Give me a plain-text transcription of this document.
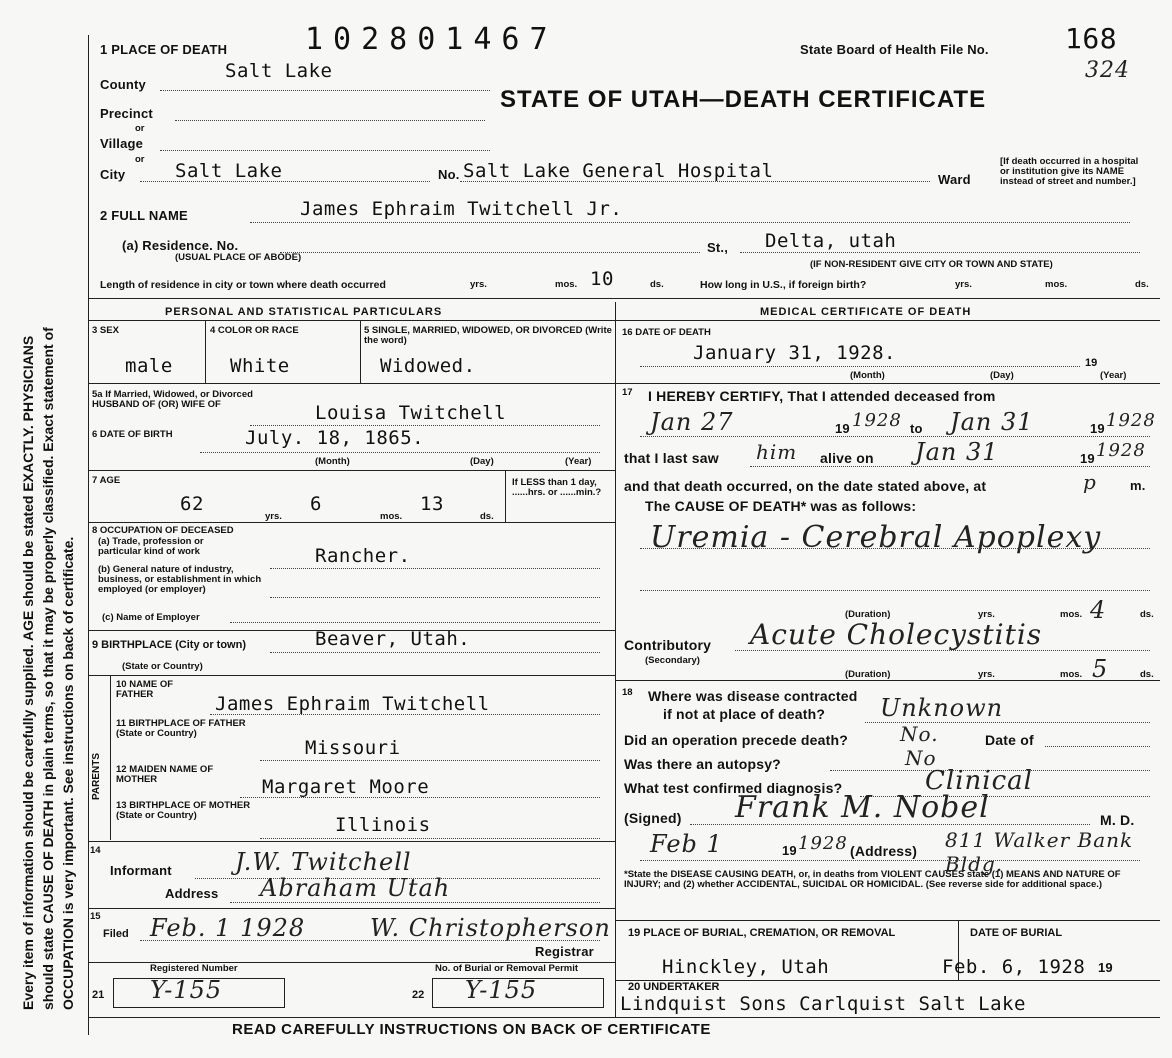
Every item of information should be carefully supplied. AGE should be stated EXACTLY. PHYSICIANS should state CAUSE OF DEATH in plain terms, so that it may be properly classified. Exact statement of OCCUPATION is very important. See instructions on back of certificate.
102801467
1 PLACE OF DEATH	State Board of Health File No.	168
324
STATE OF UTAH—DEATH CERTIFICATE
County
Salt Lake
Precinct
or
Village
or
City	Salt Lake	No. Salt Lake General Hospital	Ward
[If death occurred in a hospital or institution give its NAME instead of street and number.]
2 FULL NAME	James Ephraim Twitchell Jr.
(a) Residence. No.
(USUAL PLACE OF ABODE)
St., Delta, utah
(IF NON-RESIDENT GIVE CITY OR TOWN AND STATE)
Length of residence in city or town where death occurred	yrs.	mos. 10	ds.	How long in U.S., if foreign birth?	yrs.	mos.	ds.
PERSONAL AND STATISTICAL PARTICULARS
3 SEX
male
4 COLOR OR RACE
White
5 SINGLE, MARRIED, WIDOWED, OR DIVORCED (Write the word)
Widowed.
5a If Married, Widowed, or Divorced HUSBAND OF (OR) WIFE OF	Louisa Twitchell
6 DATE OF BIRTH	July. 18, 1865.
(Month)	(Day)	(Year)
7 AGE
62
yrs.
6
mos.
13
ds.
If LESS than 1 day, ......hrs. or ......min.?
8 OCCUPATION OF DECEASED
(a) Trade, profession or particular kind of work
(b) General nature of industry, business, or establishment in which employed (or employer)
Rancher.
(c) Name of Employer
9 BIRTHPLACE (City or town)	Beaver, Utah.
(State or Country)
PARENTS
10 NAME OF FATHER	James Ephraim Twitchell
11 BIRTHPLACE OF FATHER (State or Country)
Missouri
12 MAIDEN NAME OF MOTHER	Margaret Moore
13 BIRTHPLACE OF MOTHER (State or Country)	Illinois
14
Informant	J.W. Twitchell
Address Abraham Utah
15
Filed Feb. 1 1928	W. Christopherson
Registrar
Registered Number	No. of Burial or Removal Permit
21 Y-155	22 Y-155
MEDICAL CERTIFICATE OF DEATH
16 DATE OF DEATH
January 31, 1928.	19
(Month)	(Day)	(Year)
17 I HEREBY CERTIFY, That I attended deceased from
Jan 27	19 1928 to Jan 31	19 1928
that I last saw him alive on Jan 31	19 1928
and that death occurred, on the date stated above, at	p	m.
The CAUSE OF DEATH* was as follows:
Uremia - Cerebral Apoplexy
(Duration)	yrs.	mos. 4	ds.
Contributory
(Secondary)
Acute Cholecystitis
(Duration)	yrs.	mos. 5	ds.
18 Where was disease contracted
if not at place of death? Unknown
Did an operation precede death?	No.	Date of
Was there an autopsy?	No
What test confirmed diagnosis?	Clinical
(Signed) Frank M. Nobel	M. D.
Feb 1	19 1928 (Address) 811 Walker Bank Bldg.
*State the DISEASE CAUSING DEATH, or, in deaths from VIOLENT CAUSES state (1) MEANS AND NATURE OF INJURY; and (2) whether ACCIDENTAL, SUICIDAL OR HOMICIDAL. (See reverse side for additional space.)
19 PLACE OF BURIAL, CREMATION, OR REMOVAL
Hinckley, Utah
DATE OF BURIAL
Feb. 6, 1928 19
20 UNDERTAKER
Lindquist Sons Carlquist Salt Lake
READ CAREFULLY INSTRUCTIONS ON BACK OF CERTIFICATE
